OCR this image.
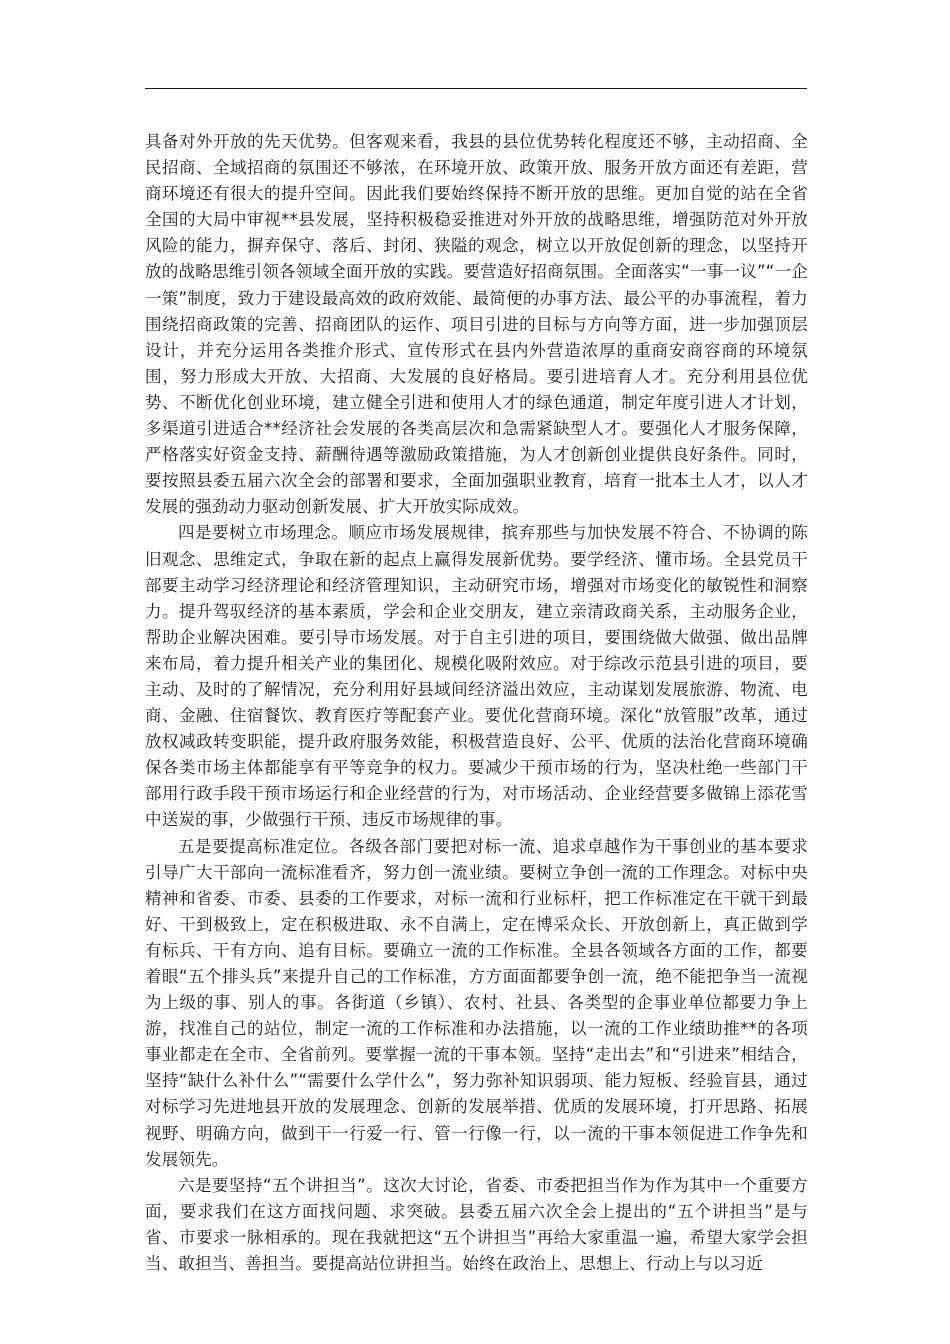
具备对外开放的先天优势。但客观来看，我县的县位优势转化程度还不够，主动招商、全民招商、全域招商的氛围还不够浓，在环境开放、政策开放、服务开放方面还有差距，营商环境还有很大的提升空间。因此我们要始终保持不断开放的思维。更加自觉的站在全省全国的大局中审视**县发展，坚持积极稳妥推进对外开放的战略思维，增强防范对外开放风险的能力，摒弃保守、落后、封闭、狭隘的观念，树立以开放促创新的理念，以坚持开放的战略思维引领各领域全面开放的实践。要营造好招商氛围。全面落实“一事一议”“一企一策”制度，致力于建设最高效的政府效能、最简便的办事方法、最公平的办事流程，着力围绕招商政策的完善、招商团队的运作、项目引进的目标与方向等方面，进一步加强顶层设计，并充分运用各类推介形式、宣传形式在县内外营造浓厚的重商安商容商的环境氛围，努力形成大开放、大招商、大发展的良好格局。要引进培育人才。充分利用县位优势、不断优化创业环境，建立健全引进和使用人才的绿色通道，制定年度引进人才计划，多渠道引进适合**经济社会发展的各类高层次和急需紧缺型人才。要强化人才服务保障，严格落实好资金支持、薪酬待遇等激励政策措施，为人才创新创业提供良好条件。同时，要按照县委五届六次全会的部署和要求，全面加强职业教育，培育一批本土人才，以人才发展的强劲动力驱动创新发展、扩大开放实际成效。

四是要树立市场理念。顺应市场发展规律，摈弃那些与加快发展不符合、不协调的陈旧观念、思维定式，争取在新的起点上赢得发展新优势。要学经济、懂市场。全县党员干部要主动学习经济理论和经济管理知识，主动研究市场，增强对市场变化的敏锐性和洞察力。提升驾驭经济的基本素质，学会和企业交朋友，建立亲清政商关系，主动服务企业，帮助企业解决困难。要引导市场发展。对于自主引进的项目，要围绕做大做强、做出品牌来布局，着力提升相关产业的集团化、规模化吸附效应。对于综改示范县引进的项目，要主动、及时的了解情况，充分利用好县域间经济溢出效应，主动谋划发展旅游、物流、电商、金融、住宿餐饮、教育医疗等配套产业。要优化营商环境。深化“放管服”改革，通过放权减政转变职能，提升政府服务效能，积极营造良好、公平、优质的法治化营商环境确保各类市场主体都能享有平等竞争的权力。要减少干预市场的行为，坚决杜绝一些部门干部用行政手段干预市场运行和企业经营的行为，对市场活动、企业经营要多做锦上添花雪中送炭的事，少做强行干预、违反市场规律的事。

五是要提高标准定位。各级各部门要把对标一流、追求卓越作为干事创业的基本要求引导广大干部向一流标准看齐，努力创一流业绩。要树立争创一流的工作理念。对标中央精神和省委、市委、县委的工作要求，对标一流和行业标杆，把工作标准定在干就干到最好、干到极致上，定在积极进取、永不自满上，定在博采众长、开放创新上，真正做到学有标兵、干有方向、追有目标。要确立一流的工作标准。全县各领域各方面的工作，都要着眼“五个排头兵”来提升自己的工作标准，方方面面都要争创一流，绝不能把争当一流视为上级的事、别人的事。各街道（乡镇）、农村、社县、各类型的企事业单位都要力争上游，找准自己的站位，制定一流的工作标准和办法措施，以一流的工作业绩助推**的各项事业都走在全市、全省前列。要掌握一流的干事本领。坚持“走出去”和“引进来”相结合，坚持“缺什么补什么”“需要什么学什么”，努力弥补知识弱项、能力短板、经验盲县，通过对标学习先进地县开放的发展理念、创新的发展举措、优质的发展环境，打开思路、拓展视野、明确方向，做到干一行爱一行、管一行像一行，以一流的干事本领促进工作争先和发展领先。

六是要坚持“五个讲担当”。这次大讨论，省委、市委把担当作为作为其中一个重要方面，要求我们在这方面找问题、求突破。县委五届六次全会上提出的“五个讲担当”是与省、市要求一脉相承的。现在我就把这“五个讲担当”再给大家重温一遍，希望大家学会担当、敢担当、善担当。要提高站位讲担当。始终在政治上、思想上、行动上与以习近
